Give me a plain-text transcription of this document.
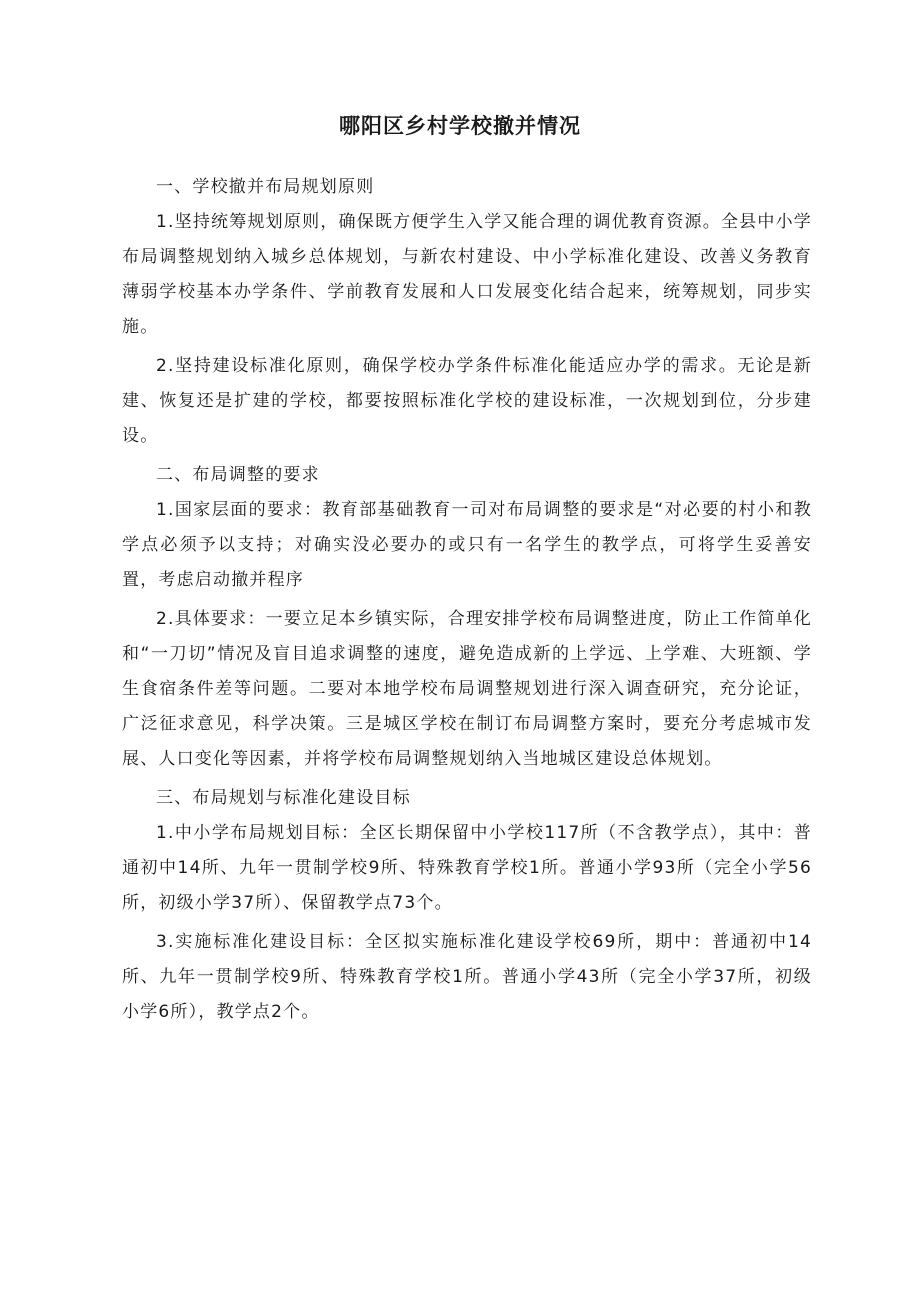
哪阳区乡村学校撤并情况

一、学校撤并布局规划原则

1.坚持统筹规划原则，确保既方便学生入学又能合理的调优教育资源。全县中小学布局调整规划纳入城乡总体规划，与新农村建设、中小学标准化建设、改善义务教育薄弱学校基本办学条件、学前教育发展和人口发展变化结合起来，统筹规划，同步实施。

2.坚持建设标准化原则，确保学校办学条件标准化能适应办学的需求。无论是新建、恢复还是扩建的学校，都要按照标准化学校的建设标准，一次规划到位，分步建设。

二、布局调整的要求

1.国家层面的要求：教育部基础教育一司对布局调整的要求是“对必要的村小和教学点必须予以支持；对确实没必要办的或只有一名学生的教学点，可将学生妥善安置，考虑启动撤并程序

2.具体要求：一要立足本乡镇实际，合理安排学校布局调整进度，防止工作简单化和“一刀切”情况及盲目追求调整的速度，避免造成新的上学远、上学难、大班额、学生食宿条件差等问题。二要对本地学校布局调整规划进行深入调查研究，充分论证，广泛征求意见，科学决策。三是城区学校在制订布局调整方案时，要充分考虑城市发展、人口变化等因素，并将学校布局调整规划纳入当地城区建设总体规划。

三、布局规划与标准化建设目标

1.中小学布局规划目标：全区长期保留中小学校117所（不含教学点），其中：普通初中14所、九年一贯制学校9所、特殊教育学校1所。普通小学93所（完全小学56所，初级小学37所）、保留教学点73个。

3.实施标准化建设目标：全区拟实施标准化建设学校69所，期中：普通初中14所、九年一贯制学校9所、特殊教育学校1所。普通小学43所（完全小学37所，初级小学6所），教学点2个。
